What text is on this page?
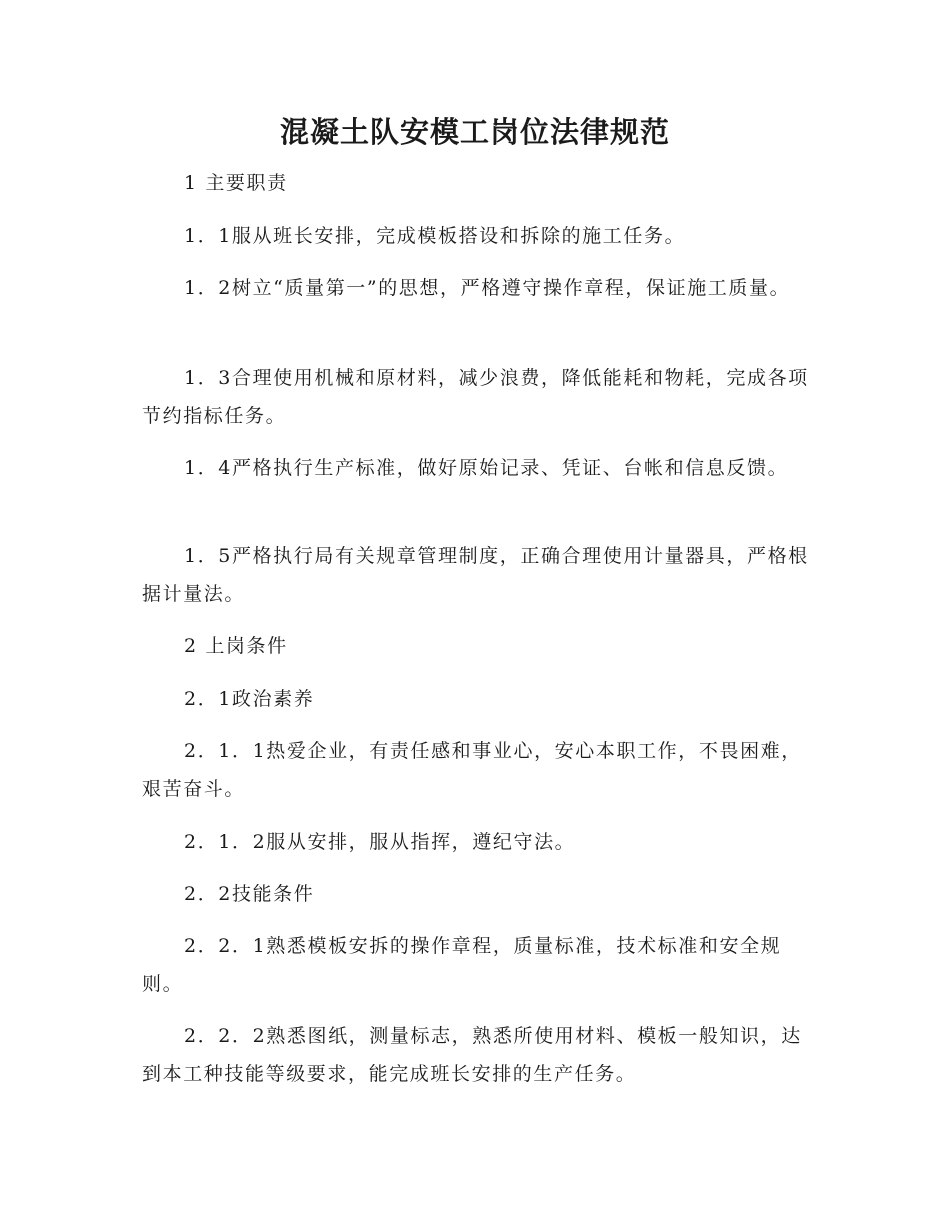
混凝土队安模工岗位法律规范

1 主要职责

1．1服从班长安排，完成模板搭设和拆除的施工任务。

1．2树立“质量第一”的思想，严格遵守操作章程，保证施工质量。

1．3合理使用机械和原材料，减少浪费，降低能耗和物耗，完成各项节约指标任务。

1．4严格执行生产标准，做好原始记录、凭证、台帐和信息反馈。

1．5严格执行局有关规章管理制度，正确合理使用计量器具，严格根据计量法。

2 上岗条件

2．1政治素养

2．1．1热爱企业，有责任感和事业心，安心本职工作，不畏困难，艰苦奋斗。

2．1．2服从安排，服从指挥，遵纪守法。

2．2技能条件

2．2．1熟悉模板安拆的操作章程，质量标准，技术标准和安全规则。

2．2．2熟悉图纸，测量标志，熟悉所使用材料、模板一般知识，达到本工种技能等级要求，能完成班长安排的生产任务。
